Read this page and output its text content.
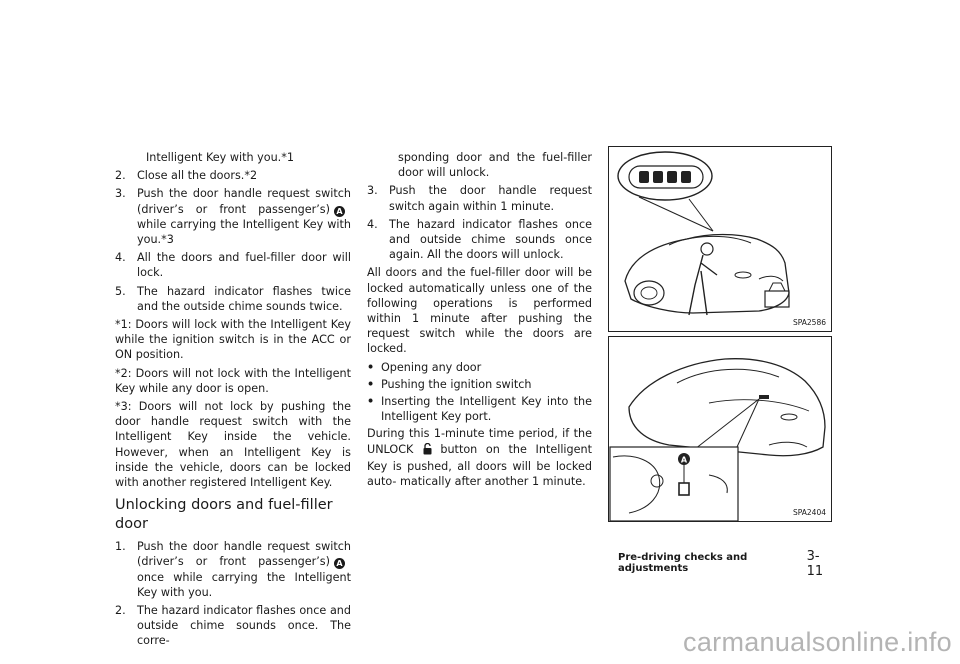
Intelligent Key with you.*1
2.	Close all the doors.*2
3.	Push the door handle request switch (driver’s or front passenger’s) Awhile carrying the Intelligent Key with you.*3
4.	All the doors and fuel-filler door will lock.
5.	The hazard indicator flashes twice and the outside chime sounds twice.
*1: Doors will lock with the Intelligent Key while the ignition switch is in the ACC or ON position.
*2: Doors will not lock with the Intelligent Key while any door is open.
*3: Doors will not lock by pushing the door handle request switch with the Intelligent Key inside the vehicle. However, when an Intelligent Key is inside the vehicle, doors can be locked with another registered Intelligent Key.
Unlocking doors and fuel-filler door
1.	Push the door handle request switch (driver’s or front passenger’s) Aonce while carrying the Intelligent Key with you.
2.	The hazard indicator flashes once and outside chime sounds once. The corre-
sponding door and the fuel-filler door will unlock.
3.	Push the door handle request switch again within 1 minute.
4.	The hazard indicator flashes once and outside chime sounds once again. All the doors will unlock.
All doors and the fuel-filler door will be locked automatically unless one of the following operations is performed within 1 minute after pushing the request switch while the doors are locked.
• Opening any door
• Pushing the ignition switch
• Inserting the Intelligent Key into the Intelligent Key port.
During this 1-minute time period, if the UNLOCK button on the Intelligent Key is pushed, all doors will be locked auto- matically after another 1 minute.
SPA2586
A
SPA2404
Pre-driving checks and adjustments
3-11
carmanualsonline.info
